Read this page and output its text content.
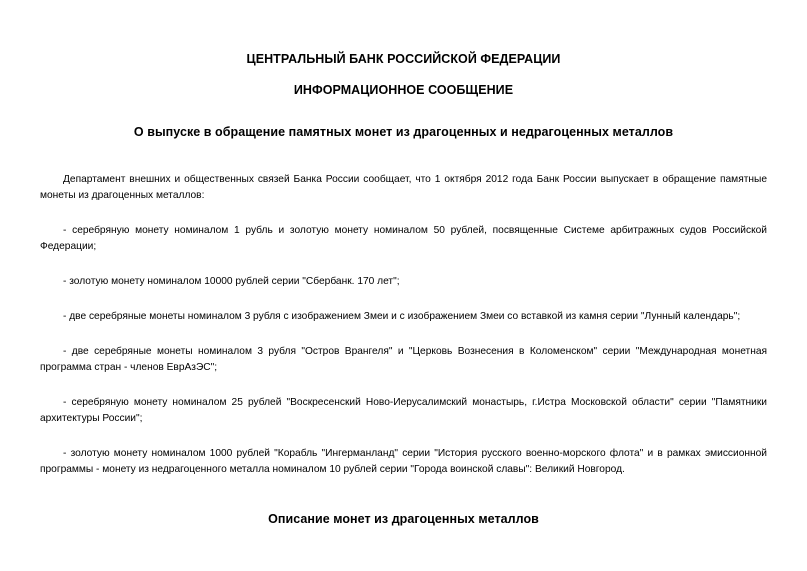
ЦЕНТРАЛЬНЫЙ БАНК РОССИЙСКОЙ ФЕДЕРАЦИИ
ИНФОРМАЦИОННОЕ СООБЩЕНИЕ
О выпуске в обращение памятных монет из драгоценных и недрагоценных металлов

Департамент внешних и общественных связей Банка России сообщает, что 1 октября 2012 года Банк России выпускает в обращение памятные монеты из драгоценных металлов:

- серебряную монету номиналом 1 рубль и золотую монету номиналом 50 рублей, посвященные Системе арбитражных судов Российской Федерации;

- золотую монету номиналом 10000 рублей серии "Сбербанк. 170 лет";

- две серебряные монеты номиналом 3 рубля с изображением Змеи и с изображением Змеи со вставкой из камня серии "Лунный календарь";

- две серебряные монеты номиналом 3 рубля "Остров Врангеля" и "Церковь Вознесения в Коломенском" серии "Международная монетная программа стран - членов ЕврАзЭС";

- серебряную монету номиналом 25 рублей "Воскресенский Ново-Иерусалимский монастырь, г.Истра Московской области" серии "Памятники архитектуры России";

- золотую монету номиналом 1000 рублей "Корабль "Ингерманланд" серии "История русского военно-морского флота" и в рамках эмиссионной программы - монету из недрагоценного металла номиналом 10 рублей серии "Города воинской славы": Великий Новгород.

Описание монет из драгоценных металлов
